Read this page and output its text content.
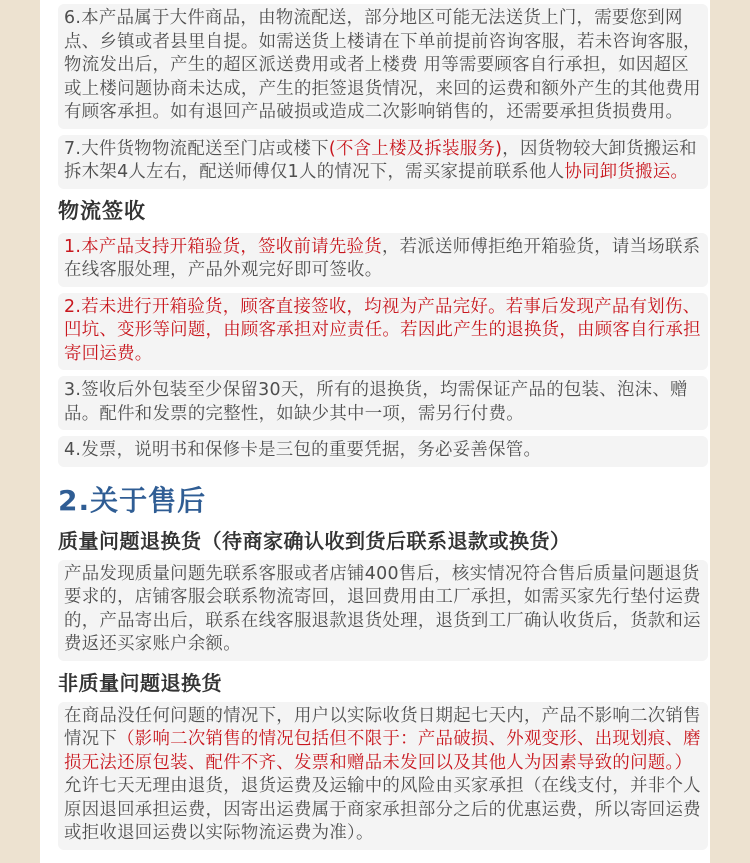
6.本产品属于大件商品，由物流配送，部分地区可能无法送货上门，需要您到网点、乡镇或者县里自提。如需送货上楼请在下单前提前咨询客服，若未咨询客服，物流发出后，产生的超区派送费用或者上楼费 用等需要顾客自行承担，如因超区或上楼问题协商未达成，产生的拒签退货情况，来回的运费和额外产生的其他费用有顾客承担。如有退回产品破损或造成二次影响销售的，还需要承担货损费用。
7.大件货物物流配送至门店或楼下(不含上楼及拆装服务)，因货物较大卸货搬运和拆木架4人左右，配送师傅仅1人的情况下，需买家提前联系他人协同卸货搬运。
物流签收
1.本产品支持开箱验货，签收前请先验货，若派送师傅拒绝开箱验货，请当场联系在线客服处理，产品外观完好即可签收。
2.若未进行开箱验货，顾客直接签收，均视为产品完好。若事后发现产品有划伤、凹坑、变形等问题，由顾客承担对应责任。若因此产生的退换货，由顾客自行承担寄回运费。
3.签收后外包装至少保留30天，所有的退换货，均需保证产品的包装、泡沫、赠品。配件和发票的完整性，如缺少其中一项，需另行付费。
4.发票，说明书和保修卡是三包的重要凭据，务必妥善保管。
2.关于售后
质量问题退换货（待商家确认收到货后联系退款或换货）
产品发现质量问题先联系客服或者店铺400售后，核实情况符合售后质量问题退货要求的，店铺客服会联系物流寄回，退回费用由工厂承担，如需买家先行垫付运费的，产品寄出后，联系在线客服退款退货处理，退货到工厂确认收货后，货款和运费返还买家账户余额。
非质量问题退换货
在商品没任何问题的情况下，用户以实际收货日期起七天内，产品不影响二次销售情况下（影响二次销售的情况包括但不限于：产品破损、外观变形、出现划痕、磨损无法还原包装、配件不齐、发票和赠品未发回以及其他人为因素导致的问题。）允许七天无理由退货，退货运费及运输中的风险由买家承担（在线支付，并非个人原因退回承担运费，因寄出运费属于商家承担部分之后的优惠运费，所以寄回运费或拒收退回运费以实际物流运费为准）。
